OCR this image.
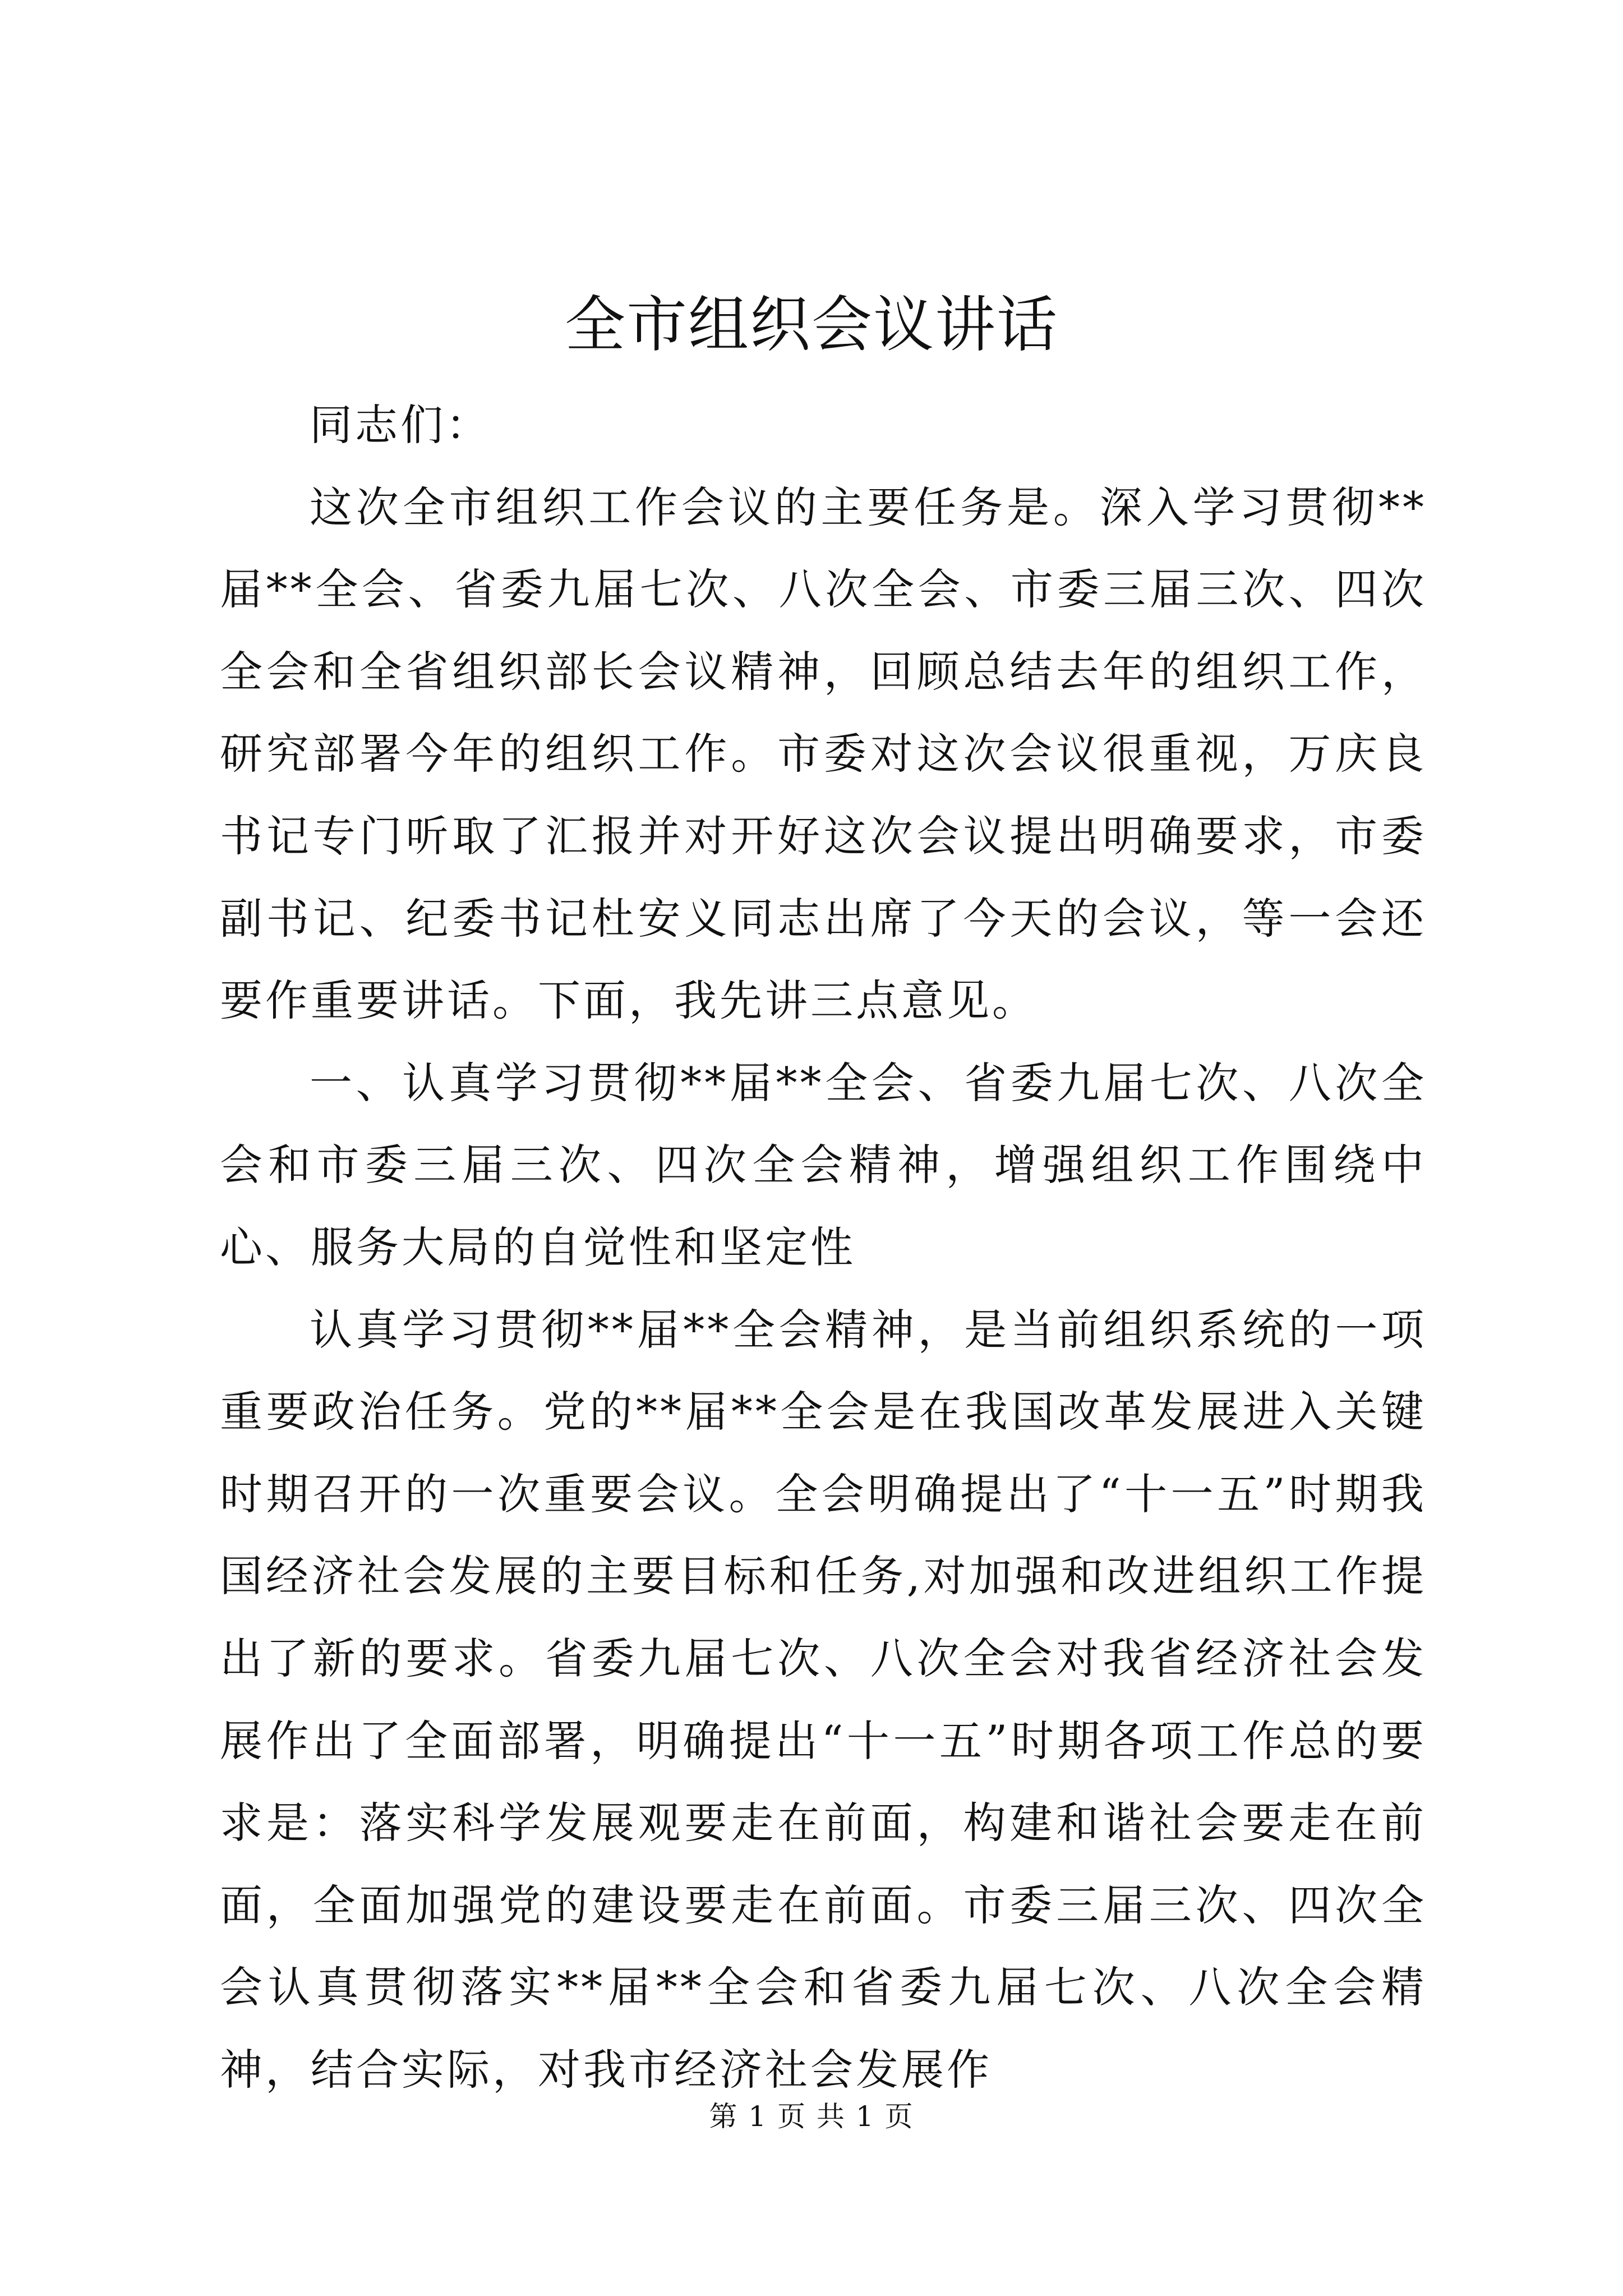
全市组织会议讲话

同志们：

这次全市组织工作会议的主要任务是。深入学习贯彻**届**全会、省委九届七次、八次全会、市委三届三次、四次全会和全省组织部长会议精神，回顾总结去年的组织工作，研究部署今年的组织工作。市委对这次会议很重视，万庆良书记专门听取了汇报并对开好这次会议提出明确要求，市委副书记、纪委书记杜安义同志出席了今天的会议，等一会还要作重要讲话。下面，我先讲三点意见。

一、认真学习贯彻**届**全会、省委九届七次、八次全会和市委三届三次、四次全会精神，增强组织工作围绕中心、服务大局的自觉性和坚定性

认真学习贯彻**届**全会精神，是当前组织系统的一项重要政治任务。党的**届**全会是在我国改革发展进入关键时期召开的一次重要会议。全会明确提出了“十一五”时期我国经济社会发展的主要目标和任务,对加强和改进组织工作提出了新的要求。省委九届七次、八次全会对我省经济社会发展作出了全面部署，明确提出“十一五”时期各项工作总的要求是：落实科学发展观要走在前面，构建和谐社会要走在前面，全面加强党的建设要走在前面。市委三届三次、四次全会认真贯彻落实**届**全会和省委九届七次、八次全会精神，结合实际，对我市经济社会发展作

第 1 页 共 1 页
